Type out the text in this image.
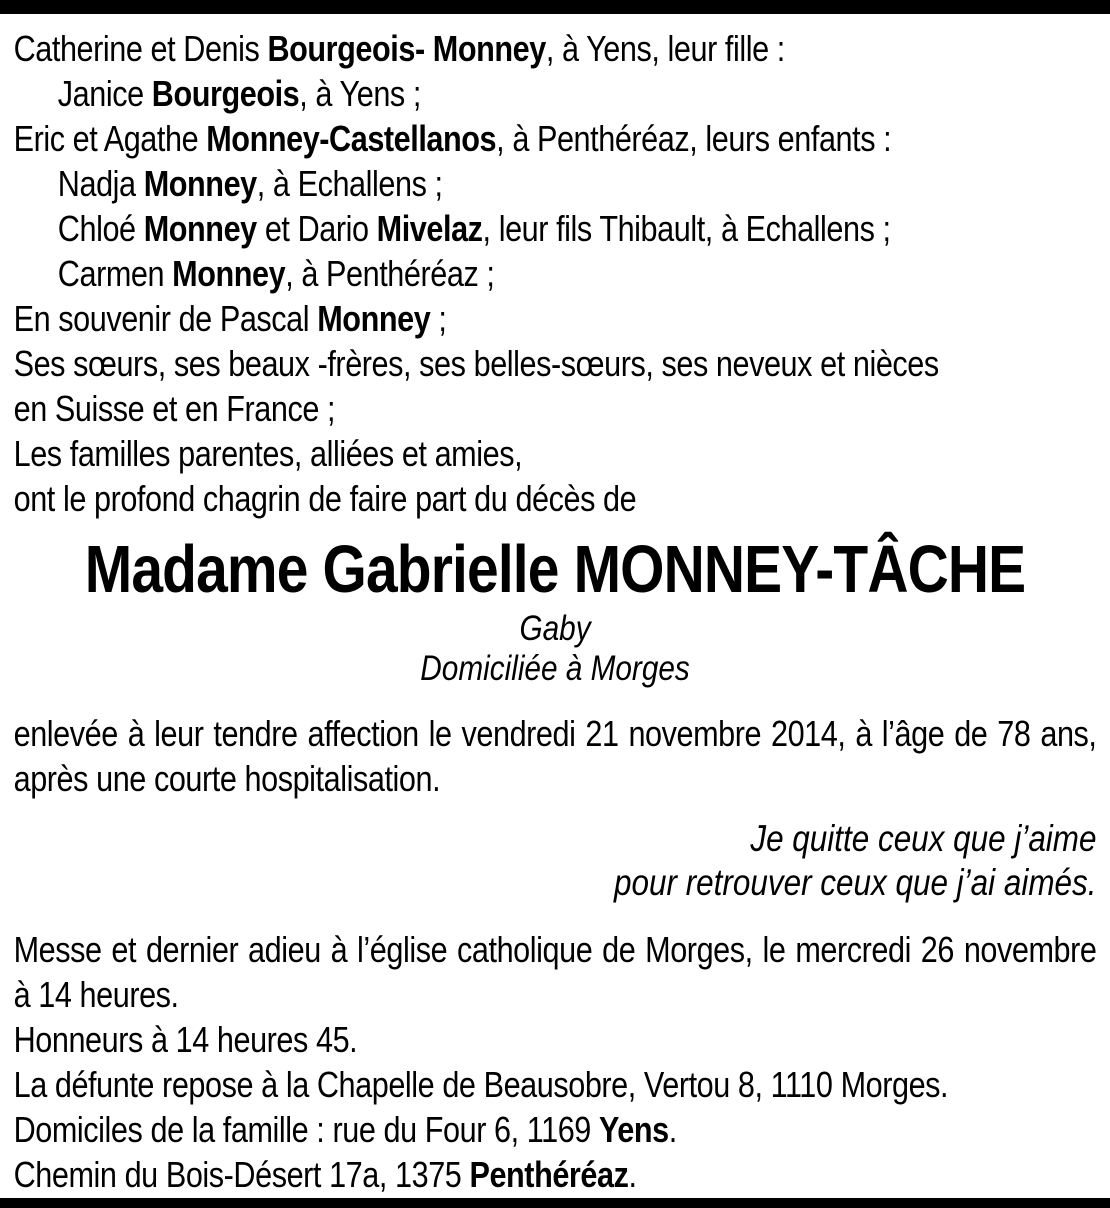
Catherine et Denis Bourgeois- Monney, à Yens, leur fille :
Janice Bourgeois, à Yens ;
Eric et Agathe Monney-Castellanos, à Penthéréaz, leurs enfants :
Nadja Monney, à Echallens ;
Chloé Monney et Dario Mivelaz, leur fils Thibault, à Echallens ;
Carmen Monney, à Penthéréaz ;
En souvenir de Pascal Monney ;
Ses sœurs, ses beaux -frères, ses belles-sœurs, ses neveux et nièces
en Suisse et en France ;
Les familles parentes, alliées et amies,
ont le profond chagrin de faire part du décès de
Madame Gabrielle MONNEY-TÂCHE
Gaby
Domiciliée à Morges

enlevée à leur tendre affection le vendredi 21 novembre 2014, à l’âge de 78 ans, après une courte hospitalisation.

Je quitte ceux que j’aime
pour retrouver ceux que j’ai aimés.
Messe et dernier adieu à l’église catholique de Morges, le mercredi 26 novembre à 14 heures.
Honneurs à 14 heures 45.
La défunte repose à la Chapelle de Beausobre, Vertou 8, 1110 Morges.
Domiciles de la famille : rue du Four 6, 1169 Yens.
Chemin du Bois-Désert 17a, 1375 Penthéréaz.
